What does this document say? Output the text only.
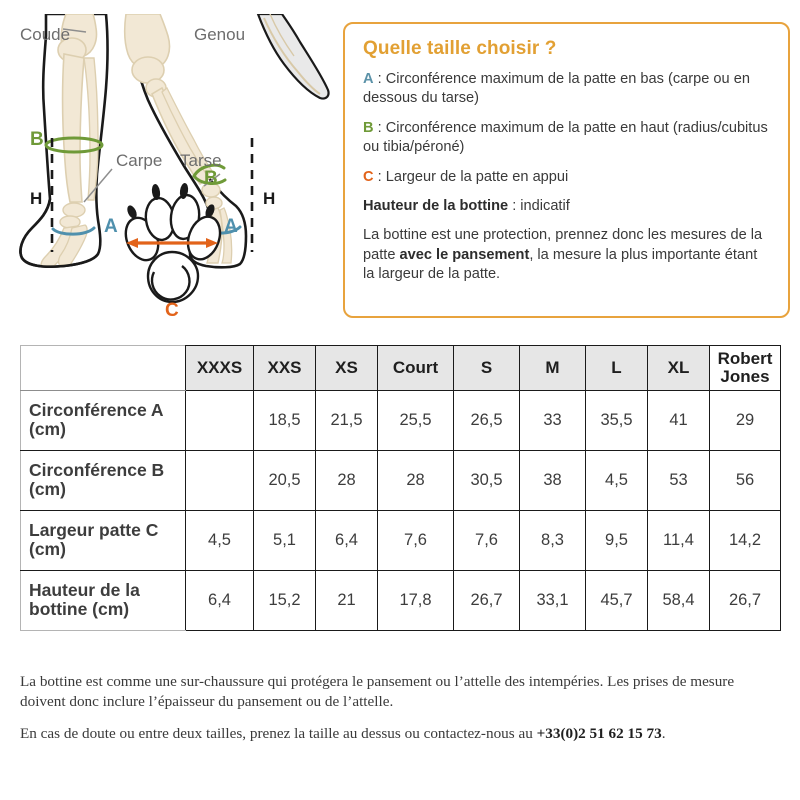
Coude	Genou
Carpe Tarse
B
B
A	A
C
H	H
Quelle taille choisir ?

A : Circonférence maximum de la patte en bas (carpe ou en dessous du tarse)

B : Circonférence maximum de la patte en haut (radius/cubitus ou tibia/péroné)

C : Largeur de la patte en appui

Hauteur de la bottine : indicatif

La bottine est une protection, prennez donc les mesures de la patte avec le pansement, la mesure la plus importante étant la largeur de la patte.

	XXXS	XXS	XS	Court	S	M	L	XL	Robert Jones
Circonférence A
(cm)		18,5	21,5	25,5	26,5	33	35,5	41	29
Circonférence B
(cm)		20,5	28	28	30,5	38	4,5	53	56
Largeur patte C
(cm)	4,5	5,1	6,4	7,6	7,6	8,3	9,5	11,4	14,2
Hauteur de la
bottine (cm)	6,4	15,2	21	17,8	26,7	33,1	45,7	58,4	26,7

La bottine est comme une sur-chaussure qui protégera le pansement ou l’attelle des intempéries. Les prises de mesure doivent donc inclure l’épaisseur du pansement ou de l’attelle.

En cas de doute ou entre deux tailles, prenez la taille au dessus ou contactez-nous au +33(0)2 51 62 15 73.
